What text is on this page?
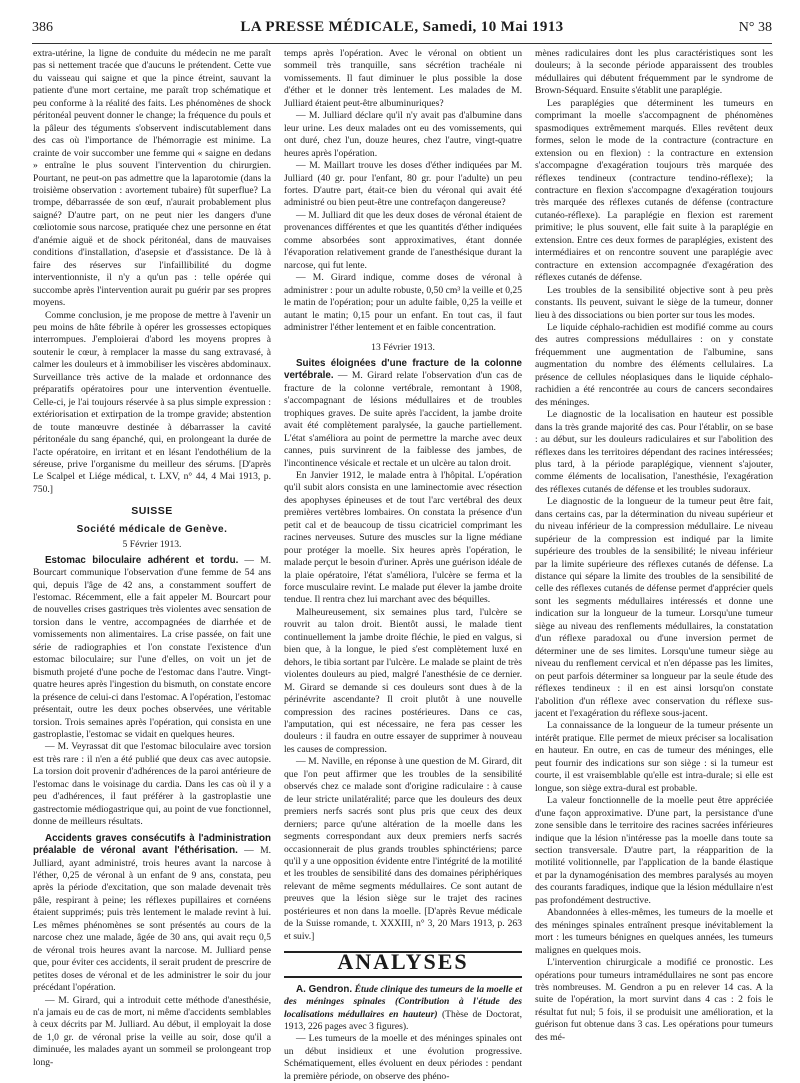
386	LA PRESSE MÉDICALE, Samedi, 10 Mai 1913	N° 38

extra-utérine, la ligne de conduite du médecin ne me paraît pas si nettement tracée que d'aucuns le prétendent. Cette vue du vaisseau qui saigne et que la pince étreint, sauvant la patiente d'une mort certaine, me paraît trop schématique et peu conforme à la réalité des faits. Les phénomènes de shock péritonéal peuvent donner le change; la fréquence du pouls et la pâleur des téguments s'observent indiscutablement dans des cas où l'importance de l'hémorragie est minime. La crainte de voir succomber une femme qui « saigne en dedans » entraîne le plus souvent l'intervention du chirurgien. Pourtant, ne peut-on pas admettre que la laparotomie (dans la troisième observation : avortement tubaire) fût superflue? La trompe, débarrassée de son œuf, n'aurait probablement plus saigné? D'autre part, on ne peut nier les dangers d'une cœliotomie sous narcose, pratiquée chez une personne en état d'anémie aiguë et de shock péritonéal, dans de mauvaises conditions d'installation, d'asepsie et d'assistance. De là à faire des réserves sur l'infaillibilité du dogme interventionniste, il n'y a qu'un pas : telle opérée qui succombe après l'intervention aurait pu guérir par ses propres moyens.

Comme conclusion, je me propose de mettre à l'avenir un peu moins de hâte fébrile à opérer les grossesses ectopiques interrompues. J'emploierai d'abord les moyens propres à soutenir le cœur, à remplacer la masse du sang extravasé, à calmer les douleurs et à immobiliser les viscères abdominaux. Surveillance très active de la malade et ordonnance des préparatifs opératoires pour une intervention éventuelle. Celle-ci, je l'ai toujours réservée à sa plus simple expression : extériorisation et extirpation de la trompe gravide; abstention de toute manœuvre destinée à débarrasser la cavité péritonéale du sang épanché, qui, en prolongeant la durée de l'acte opératoire, en irritant et en lésant l'endothélium de la séreuse, prive l'organisme du meilleur des sérums. [D'après Le Scalpel et Liége médical, t. LXV, n° 44, 4 Mai 1913, p. 750.]

SUISSE
Société médicale de Genève.
5 Février 1913.

Estomac biloculaire adhérent et tordu. — M. Bourcart communique l'observation d'une femme de 54 ans qui, depuis l'âge de 42 ans, a constamment souffert de l'estomac. Récemment, elle a fait appeler M. Bourcart pour de nouvelles crises gastriques très violentes avec sensation de torsion dans le ventre, accompagnées de diarrhée et de vomissements non alimentaires. La crise passée, on fait une série de radiographies et l'on constate l'existence d'un estomac biloculaire; sur l'une d'elles, on voit un jet de bismuth projeté d'une poche de l'estomac dans l'autre. Vingt-quatre heures après l'ingestion du bismuth, on constate encore la présence de celui-ci dans l'estomac. A l'opération, l'estomac présentait, outre les deux poches observées, une véritable torsion. Trois semaines après l'opération, qui consista en une gastroplastie, l'estomac se vidait en quelques heures.

— M. Veyrassat dit que l'estomac biloculaire avec torsion est très rare : il n'en a été publié que deux cas avec autopsie. La torsion doit provenir d'adhérences de la paroi antérieure de l'estomac dans le voisinage du cardia. Dans les cas où il y a peu d'adhérences, il faut préférer à la gastroplastie une gastrectomie médiogastrique qui, au point de vue fonctionnel, donne de meilleurs résultats.

Accidents graves consécutifs à l'administration préalable de véronal avant l'éthérisation. — M. Julliard, ayant administré, trois heures avant la narcose à l'éther, 0,25 de véronal à un enfant de 9 ans, constata, peu après la période d'excitation, que son malade devenait très pâle, respirant à peine; les réflexes pupillaires et cornéens étaient supprimés; puis très lentement le malade revint à lui. Les mêmes phénomènes se sont présentés au cours de la narcose chez une malade, âgée de 30 ans, qui avait reçu 0,5 de véronal trois heures avant la narcose. M. Julliard pense que, pour éviter ces accidents, il serait prudent de prescrire de petites doses de véronal et de les administrer le soir du jour précédant l'opération.

— M. Girard, qui a introduit cette méthode d'anesthésie, n'a jamais eu de cas de mort, ni même d'accidents semblables à ceux décrits par M. Julliard. Au début, il employait la dose de 1,0 gr. de véronal prise la veille au soir, dose qu'il a diminuée, les malades ayant un sommeil se prolongeant trop long-

temps après l'opération. Avec le véronal on obtient un sommeil très tranquille, sans sécrétion trachéale ni vomissements. Il faut diminuer le plus possible la dose d'éther et le donner très lentement. Les malades de M. Julliard étaient peut-être albuminuriques?

— M. Julliard déclare qu'il n'y avait pas d'albumine dans leur urine. Les deux malades ont eu des vomissements, qui ont duré, chez l'un, douze heures, chez l'autre, vingt-quatre heures après l'opération.

— M. Maillart trouve les doses d'éther indiquées par M. Julliard (40 gr. pour l'enfant, 80 gr. pour l'adulte) un peu fortes. D'autre part, était-ce bien du véronal qui avait été administré ou bien peut-être une contrefaçon dangereuse?

— M. Julliard dit que les deux doses de véronal étaient de provenances différentes et que les quantités d'éther indiquées comme absorbées sont approximatives, étant donnée l'évaporation relativement grande de l'anesthésique durant la narcose, qui fut lente.

— M. Girard indique, comme doses de véronal à administrer : pour un adulte robuste, 0,50 cm³ la veille et 0,25 le matin de l'opération; pour un adulte faible, 0,25 la veille et autant le matin; 0,15 pour un enfant. En tout cas, il faut administrer l'éther lentement et en faible concentration.

13 Février 1913.

Suites éloignées d'une fracture de la colonne vertébrale. — M. Girard relate l'observation d'un cas de fracture de la colonne vertébrale, remontant à 1908, s'accompagnant de lésions médullaires et de troubles trophiques graves. De suite après l'accident, la jambe droite avait été complètement paralysée, la gauche partiellement. L'état s'améliora au point de permettre la marche avec deux cannes, puis survinrent de la faiblesse des jambes, de l'incontinence vésicale et rectale et un ulcère au talon droit.

En Janvier 1912, le malade entra à l'hôpital. L'opération qu'il subit alors consista en une laminectomie avec résection des apophyses épineuses et de tout l'arc vertébral des deux premières vertèbres lombaires. On constata la présence d'un petit cal et de beaucoup de tissu cicatriciel comprimant les racines nerveuses. Suture des muscles sur la ligne médiane pour protéger la moelle. Six heures après l'opération, le malade perçut le besoin d'uriner. Après une guérison idéale de la plaie opératoire, l'état s'améliora, l'ulcère se ferma et la force musculaire revint. Le malade put élever la jambe droite tendue. Il rentra chez lui marchant avec des béquilles.

Malheureusement, six semaines plus tard, l'ulcère se rouvrit au talon droit. Bientôt aussi, le malade tient continuellement la jambe droite fléchie, le pied en valgus, si bien que, à la longue, le pied s'est complètement luxé en dehors, le tibia sortant par l'ulcère. Le malade se plaint de très violentes douleurs au pied, malgré l'anesthésie de ce dernier. M. Girard se demande si ces douleurs sont dues à de la périnévrite ascendante? Il croit plutôt à une nouvelle compression des racines postérieures. Dans ce cas, l'amputation, qui est nécessaire, ne fera pas cesser les douleurs : il faudra en outre essayer de supprimer à nouveau les causes de compression.

— M. Naville, en réponse à une question de M. Girard, dit que l'on peut affirmer que les troubles de la sensibilité observés chez ce malade sont d'origine radiculaire : à cause de leur stricte unilatéralité; parce que les douleurs des deux premiers nerfs sacrés sont plus pris que ceux des deux derniers; parce qu'une altération de la moelle dans les segments correspondant aux deux premiers nerfs sacrés occasionnerait de plus grands troubles sphinctériens; parce qu'il y a une opposition évidente entre l'intégrité de la motilité et les troubles de sensibilité dans des domaines périphériques relevant de même segments médullaires. Ce sont autant de preuves que la lésion siège sur le trajet des racines postérieures et non dans la moelle. [D'après Revue médicale de la Suisse romande, t. XXXIII, n° 3, 20 Mars 1913, p. 263 et suiv.]

ANALYSES

A. Gendron. Étude clinique des tumeurs de la moelle et des méninges spinales (Contribution à l'étude des localisations médullaires en hauteur) (Thèse de Doctorat, 1913, 226 pages avec 3 figures).

— Les tumeurs de la moelle et des méninges spinales ont un début insidieux et une évolution progressive. Schématiquement, elles évoluent en deux périodes : pendant la première période, on observe des phéno-

mènes radiculaires dont les plus caractéristiques sont les douleurs; à la seconde période apparaissent des troubles médullaires qui débutent fréquemment par le syndrome de Brown-Séquard. Ensuite s'établit une paraplégie.

Les paraplégies que déterminent les tumeurs en comprimant la moelle s'accompagnent de phénomènes spasmodiques extrêmement marqués. Elles revêtent deux formes, selon le mode de la contracture (contracture en extension ou en flexion) : la contracture en extension s'accompagne d'exagération toujours très marquée des réflexes tendineux (contracture tendino-réflexe); la contracture en flexion s'accompagne d'exagération toujours très marquée des réflexes cutanés de défense (contracture cutanéo-réflexe). La paraplégie en flexion est rarement primitive; le plus souvent, elle fait suite à la paraplégie en extension. Entre ces deux formes de paraplégies, existent des intermédiaires et on rencontre souvent une paraplégie avec contracture en extension accompagnée d'exagération des réflexes cutanés de défense.

Les troubles de la sensibilité objective sont à peu près constants. Ils peuvent, suivant le siège de la tumeur, donner lieu à des dissociations ou bien porter sur tous les modes.

Le liquide céphalo-rachidien est modifié comme au cours des autres compressions médullaires : on y constate fréquemment une augmentation de l'albumine, sans augmentation du nombre des éléments cellulaires. La présence de cellules néoplasiques dans le liquide céphalo-rachidien a été rencontrée au cours de cancers secondaires des méninges.

Le diagnostic de la localisation en hauteur est possible dans la très grande majorité des cas. Pour l'établir, on se base : au début, sur les douleurs radiculaires et sur l'abolition des réflexes dans les territoires dépendant des racines intéressées; plus tard, à la période paraplégique, viennent s'ajouter, comme éléments de localisation, l'anesthésie, l'exagération des réflexes cutanés de défense et les troubles sudoraux.

Le diagnostic de la longueur de la tumeur peut être fait, dans certains cas, par la détermination du niveau supérieur et du niveau inférieur de la compression médullaire. Le niveau supérieur de la compression est indiqué par la limite supérieure des troubles de la sensibilité; le niveau inférieur par la limite supérieure des réflexes cutanés de défense. La distance qui sépare la limite des troubles de la sensibilité de celle des réflexes cutanés de défense permet d'apprécier quels sont les segments médullaires intéressés et donne une indication sur la longueur de la tumeur. Lorsqu'une tumeur siège au niveau des renflements médullaires, la constatation d'un réflexe paradoxal ou d'une inversion permet de déterminer une de ses limites. Lorsqu'une tumeur siège au niveau du renflement cervical et n'en dépasse pas les limites, on peut parfois déterminer sa longueur par la seule étude des réflexes tendineux : il en est ainsi lorsqu'on constate l'abolition d'un réflexe avec conservation du réflexe sus-jacent et l'exagération du réflexe sous-jacent.

La connaissance de la longueur de la tumeur présente un intérêt pratique. Elle permet de mieux préciser sa localisation en hauteur. En outre, en cas de tumeur des méninges, elle peut fournir des indications sur son siège : si la tumeur est courte, il est vraisemblable qu'elle est intra-durale; si elle est longue, son siège extra-dural est probable.

La valeur fonctionnelle de la moelle peut être appréciée d'une façon approximative. D'une part, la persistance d'une zone sensible dans le territoire des racines sacrées inférieures indique que la lésion n'intéresse pas la moelle dans toute sa section transversale. D'autre part, la réapparition de la motilité volitionnelle, par l'application de la bande élastique et par la dynamogénisation des membres paralysés au moyen des courants faradiques, indique que la lésion médullaire n'est pas profondément destructive.

Abandonnées à elles-mêmes, les tumeurs de la moelle et des méninges spinales entraînent presque inévitablement la mort : les tumeurs bénignes en quelques années, les tumeurs malignes en quelques mois.

L'intervention chirurgicale a modifié ce pronostic. Les opérations pour tumeurs intramédullaires ne sont pas encore très nombreuses. M. Gendron a pu en relever 14 cas. A la suite de l'opération, la mort survint dans 4 cas : 2 fois le résultat fut nul; 5 fois, il se produisit une amélioration, et la guérison fut obtenue dans 3 cas. Les opérations pour tumeurs des mé-
